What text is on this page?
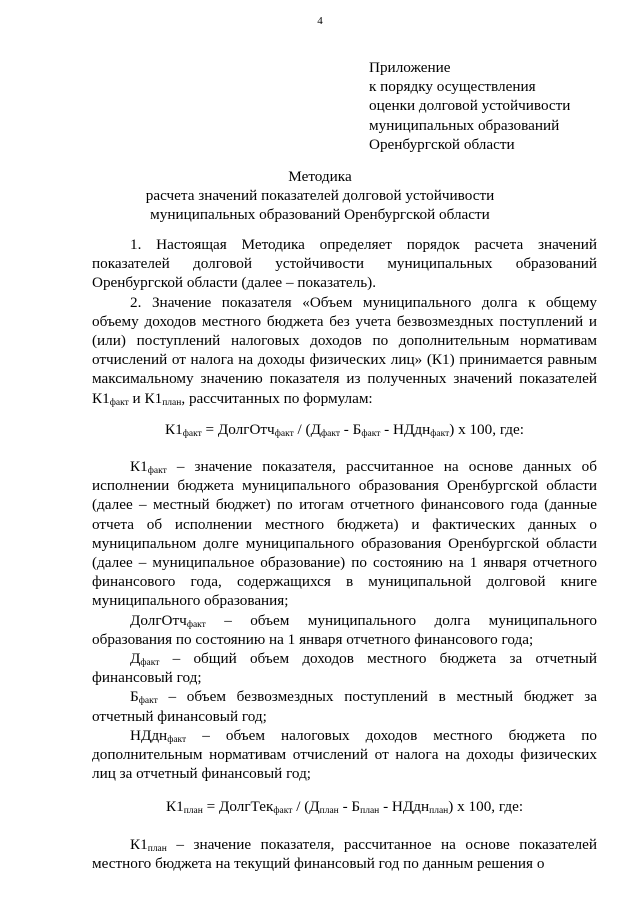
4
Приложение
к порядку осуществления
оценки долговой устойчивости
муниципальных образований
Оренбургской области
Методика
расчета значений показателей долговой устойчивости
муниципальных образований Оренбургской области

1. Настоящая Методика определяет порядок расчета значений показателей долговой устойчивости муниципальных образований Оренбургской области (далее – показатель).

2. Значение показателя «Объем муниципального долга к общему объему доходов местного бюджета без учета безвозмездных поступлений и (или) поступлений налоговых доходов по дополнительным нормативам отчислений от налога на доходы физических лиц» (К1) принимается равным максимальному значению показателя из полученных значений показателей $К1_{факт}$ и $К1_{план}$, рассчитанных по формулам:

$К1_{факт}$ = ДолгОтч$_{факт}$ / ($Д_{факт} - Б_{факт}$ - НДдн$_{факт}$) х 100, где:

$К1_{факт}$ – значение показателя, рассчитанное на основе данных об исполнении бюджета муниципального образования Оренбургской области (далее – местный бюджет) по итогам отчетного финансового года (данные отчета об исполнении местного бюджета) и фактических данных о муниципальном долге муниципального образования Оренбургской области (далее – муниципальное образование) по состоянию на 1 января отчетного финансового года, содержащихся в муниципальной долговой книге муниципального образования;

ДолгОтч$_{факт}$ – объем муниципального долга муниципального образования по состоянию на 1 января отчетного финансового года;

$Д_{факт}$ – общий объем доходов местного бюджета за отчетный финансовый год;

$Б_{факт}$ – объем безвозмездных поступлений в местный бюджет за отчетный финансовый год;

НДдн$_{факт}$ – объем налоговых доходов местного бюджета по дополнительным нормативам отчислений от налога на доходы физических лиц за отчетный финансовый год;

$К1_{план}$ = ДолгТек$_{факт}$ / ($Д_{план} - Б_{план}$ - НДдн$_{план}$) х 100, где:

$К1_{план}$ – значение показателя, рассчитанное на основе показателей местного бюджета на текущий финансовый год по данным решения о
